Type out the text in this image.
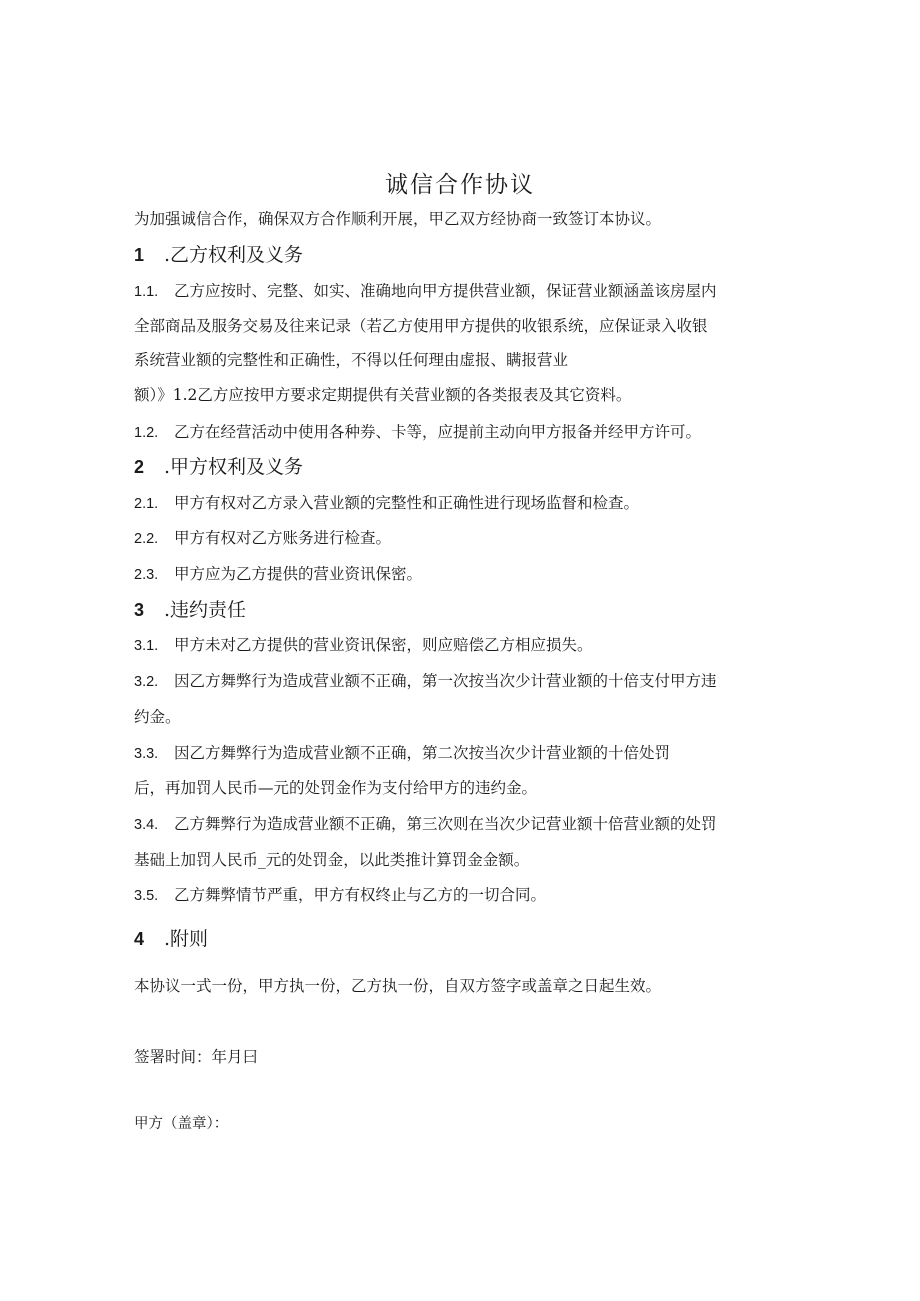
诚信合作协议
为加强诚信合作，确保双方合作顺利开展，甲乙双方经协商一致签订本协议。
1 .乙方权利及义务
1.1. 乙方应按时、完整、如实、准确地向甲方提供营业额，保证营业额涵盖该房屋内
全部商品及服务交易及往来记录（若乙方使用甲方提供的收银系统，应保证录入收银
系统营业额的完整性和正确性，不得以任何理由虚报、瞒报营业
额）》1.2乙方应按甲方要求定期提供有关营业额的各类报表及其它资料。
1.2. 乙方在经营活动中使用各种券、卡等，应提前主动向甲方报备并经甲方许可。
2 .甲方权利及义务
2.1. 甲方有权对乙方录入营业额的完整性和正确性进行现场监督和检查。
2.2. 甲方有权对乙方账务进行检查。
2.3. 甲方应为乙方提供的营业资讯保密。
3 .违约责任
3.1. 甲方未对乙方提供的营业资讯保密，则应赔偿乙方相应损失。
3.2. 因乙方舞弊行为造成营业额不正确，第一次按当次少计营业额的十倍支付甲方违
约金。
3.3. 因乙方舞弊行为造成营业额不正确，第二次按当次少计营业额的十倍处罚
后，再加罚人民币—元的处罚金作为支付给甲方的违约金。
3.4. 乙方舞弊行为造成营业额不正确，第三次则在当次少记营业额十倍营业额的处罚
基础上加罚人民币_元的处罚金，以此类推计算罚金金额。
3.5. 乙方舞弊情节严重，甲方有权终止与乙方的一切合同。
4 .附则
本协议一式一份，甲方执一份，乙方执一份，自双方签字或盖章之日起生效。
签署时间：年月曰
甲方（盖章）：
